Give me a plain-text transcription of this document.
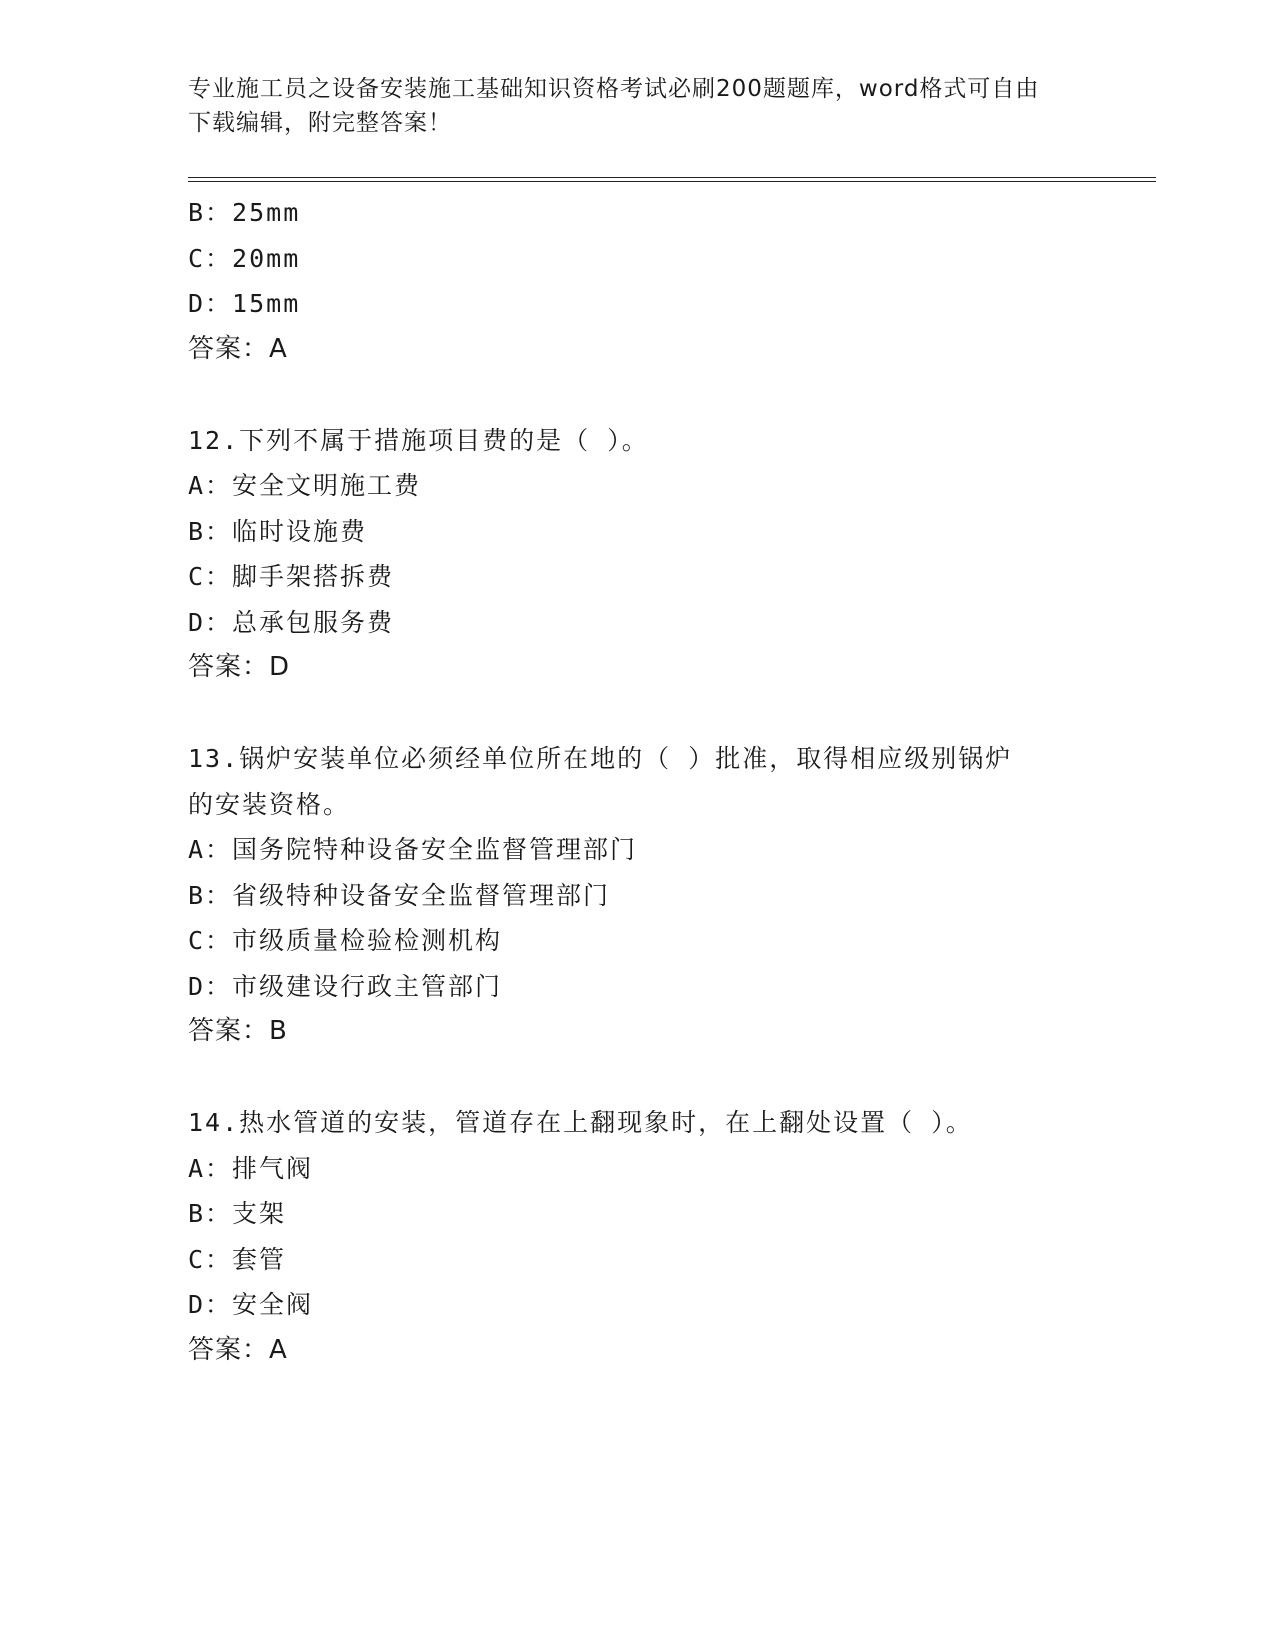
专业施工员之设备安装施工基础知识资格考试必刷200题题库，word格式可自由
下载编辑，附完整答案！
B：25mm
C：20mm
D：15mm
答案：A
12.下列不属于措施项目费的是（ ）。
A：安全文明施工费
B：临时设施费
C：脚手架搭拆费
D：总承包服务费
答案：D
13.锅炉安装单位必须经单位所在地的（ ）批准，取得相应级别锅炉
的安装资格。
A：国务院特种设备安全监督管理部门
B：省级特种设备安全监督管理部门
C：市级质量检验检测机构
D：市级建设行政主管部门
答案：B
14.热水管道的安装，管道存在上翻现象时，在上翻处设置（ ）。
A：排气阀
B：支架
C：套管
D：安全阀
答案：A
